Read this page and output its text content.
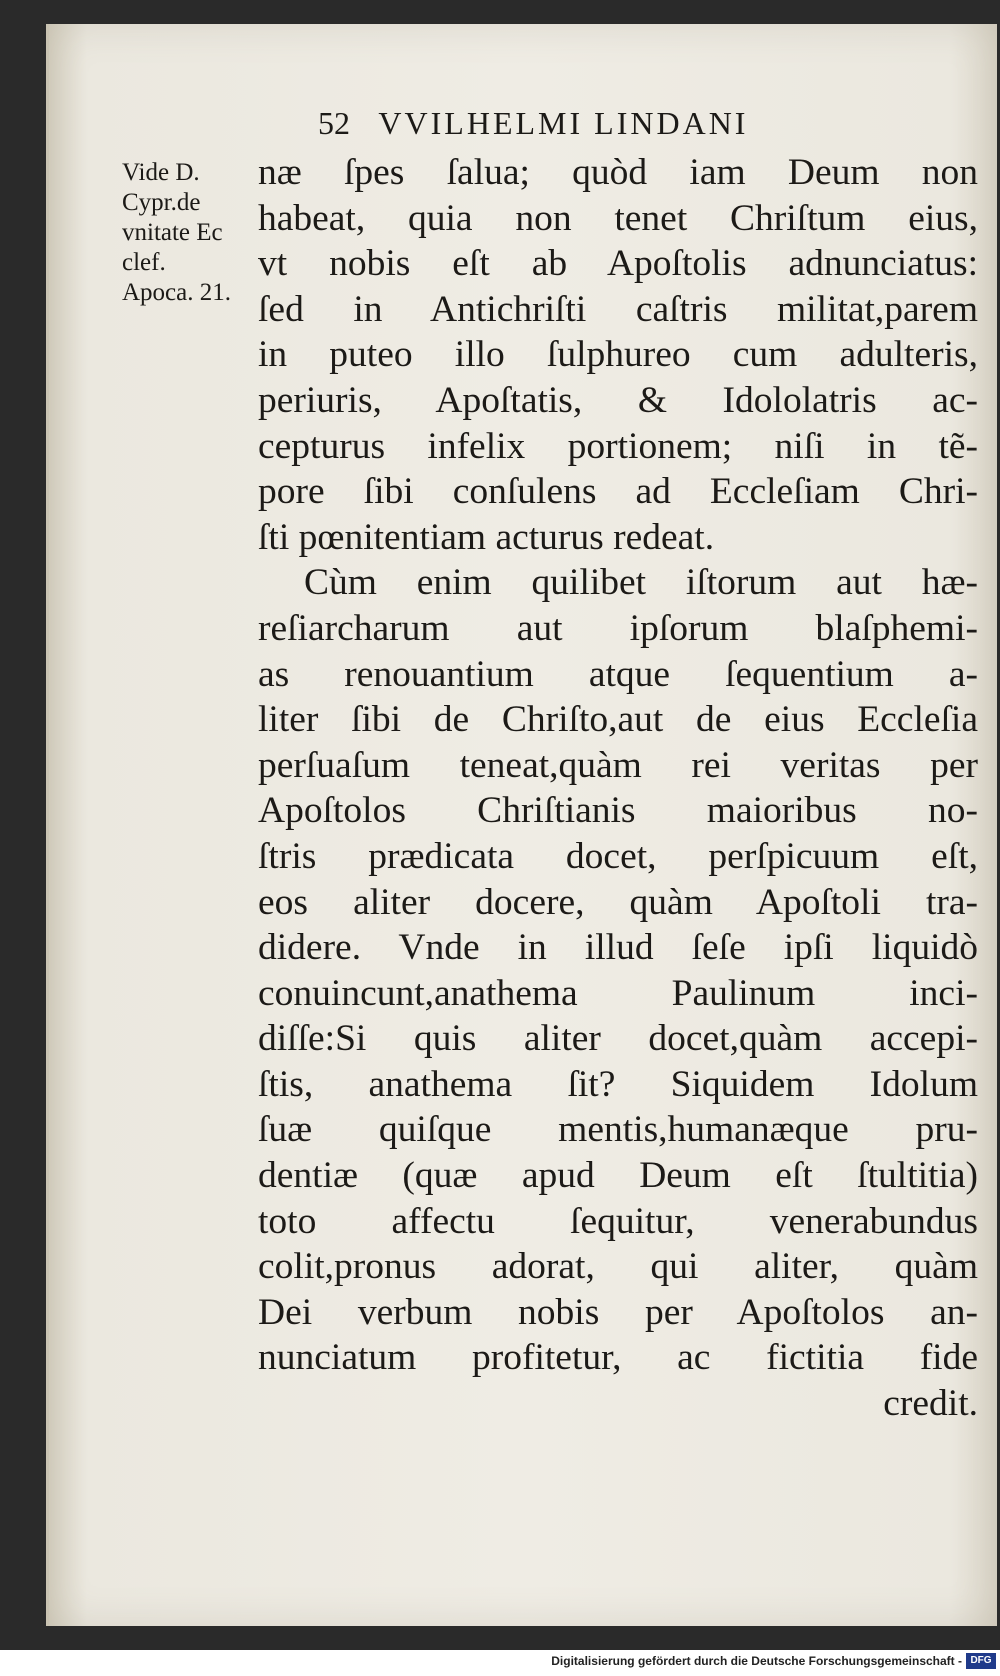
52 VVILHELMI LINDANI
Vide D.
Cypr.de
vnitate Ec
clef.
Apoca. 21.
næ ſpes ſalua; quòd iam Deum non
habeat, quia non tenet Chriſtum eius,
vt nobis eſt ab Apoſtolis adnunciatus:
ſed in Antichriſti caſtris militat,parem
in puteo illo ſulphureo cum adulteris,
periuris, Apoſtatis, & Idololatris ac-
cepturus infelix portionem; niſi in tẽ-
pore ſibi conſulens ad Eccleſiam Chri-
ſti pœnitentiam acturus redeat.
Cùm enim quilibet iſtorum aut hæ-
reſiarcharum aut ipſorum blaſphemi-
as renouantium atque ſequentium a-
liter ſibi de Chriſto,aut de eius Eccleſia
perſuaſum teneat,quàm rei veritas per
Apoſtolos Chriſtianis maioribus no-
ſtris prædicata docet, perſpicuum eſt,
eos aliter docere, quàm Apoſtoli tra-
didere. Vnde in illud ſeſe ipſi liquidò
conuincunt,anathema Paulinum inci-
diſſe:Si quis aliter docet,quàm accepi-
ſtis, anathema ſit? Siquidem Idolum
ſuæ quiſque mentis,humanæque pru-
dentiæ (quæ apud Deum eſt ſtultitia)
toto affectu ſequitur, venerabundus
colit,pronus adorat, qui aliter, quàm
Dei verbum nobis per Apoſtolos an-
nunciatum profitetur, ac fictitia fide
credit.
Digitalisierung gefördert durch die Deutsche Forschungsgemeinschaft - DFG
